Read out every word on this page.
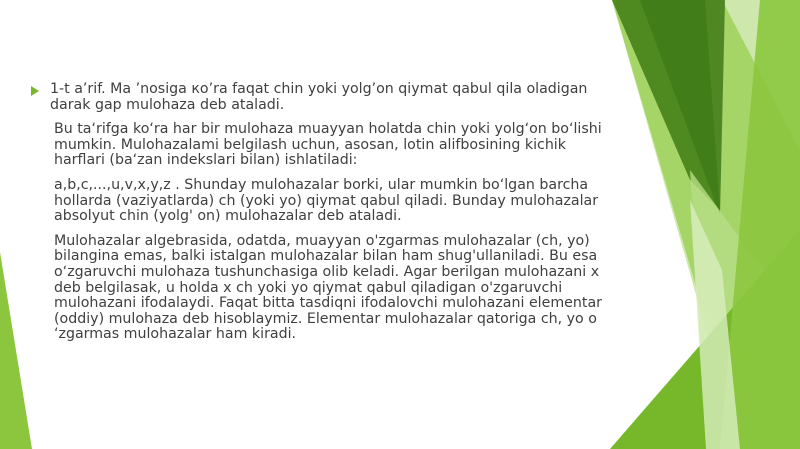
1-t a’rif. Ma ’nosiga кo’ra faqat chin yoki yolg’on qiymat qabul qila oladigan darak gap mulohaza deb ataladi.

Bu ta‘rifga ko‘ra har bir mulohaza muayyan holatda chin yoki yolg‘on bo‘lishi mumkin. Mulohazalami belgilash uchun, asosan, lotin alifbosining kichik harflari (ba‘zan indekslari bilan) ishlatiladi:

a,b,c,...,u,v,x,y,z . Shunday mulohazalar borki, ular mumkin bo‘lgan barcha hollarda (vaziyatlarda) ch (yoki yo) qiymat qabul qiladi. Bunday mulohazalar absolyut chin (yolg' on) mulohazalar deb ataladi.

Mulohazalar algebrasida, odatda, muayyan o'zgarmas mulohazalar (ch, yo) bilangina emas, balki istalgan mulohazalar bilan ham shug'ullaniladi. Bu esa o‘zgaruvchi mulohaza tushunchasiga olib keladi. Agar berilgan mulohazani x deb belgilasak, u holda x ch yoki yo qiymat qabul qiladigan o'zgaruvchi mulohazani ifodalaydi. Faqat bitta tasdiqni ifodalovchi mulohazani elementar (oddiy) mulohaza deb hisoblaymiz. Elementar mulohazalar qatoriga ch, yo o ‘zgarmas mulohazalar ham kiradi.
